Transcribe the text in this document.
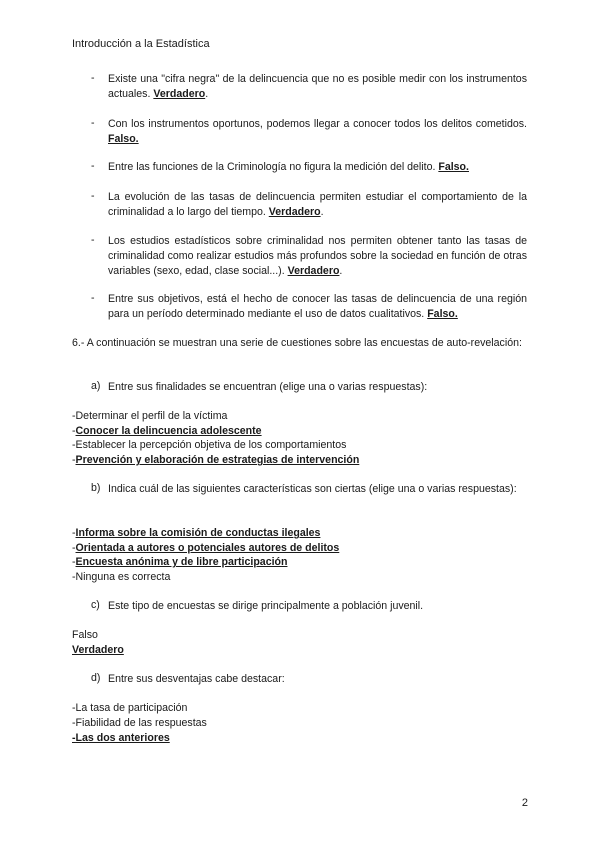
Introducción a la Estadística
- Existe una "cifra negra" de la delincuencia que no es posible medir con los instrumentos actuales. Verdadero.
- Con los instrumentos oportunos, podemos llegar a conocer todos los delitos cometidos. Falso.
- Entre las funciones de la Criminología no figura la medición del delito. Falso.
- La evolución de las tasas de delincuencia permiten estudiar el comportamiento de la criminalidad a lo largo del tiempo. Verdadero.
- Los estudios estadísticos sobre criminalidad nos permiten obtener tanto las tasas de criminalidad como realizar estudios más profundos sobre la sociedad en función de otras variables (sexo, edad, clase social...). Verdadero.
- Entre sus objetivos, está el hecho de conocer las tasas de delincuencia de una región para un período determinado mediante el uso de datos cualitativos. Falso.
6.- A continuación se muestran una serie de cuestiones sobre las encuestas de auto-revelación:
a) Entre sus finalidades se encuentran (elige una o varias respuestas):
-Determinar el perfil de la víctima
-Conocer la delincuencia adolescente
-Establecer la percepción objetiva de los comportamientos
-Prevención y elaboración de estrategias de intervención
b) Indica cuál de las siguientes características son ciertas (elige una o varias respuestas):
-Informa sobre la comisión de conductas ilegales
-Orientada a autores o potenciales autores de delitos
-Encuesta anónima y de libre participación
-Ninguna es correcta
c) Este tipo de encuestas se dirige principalmente a población juvenil.
Falso
Verdadero
d) Entre sus desventajas cabe destacar:
-La tasa de participación
-Fiabilidad de las respuestas
-Las dos anteriores
2
